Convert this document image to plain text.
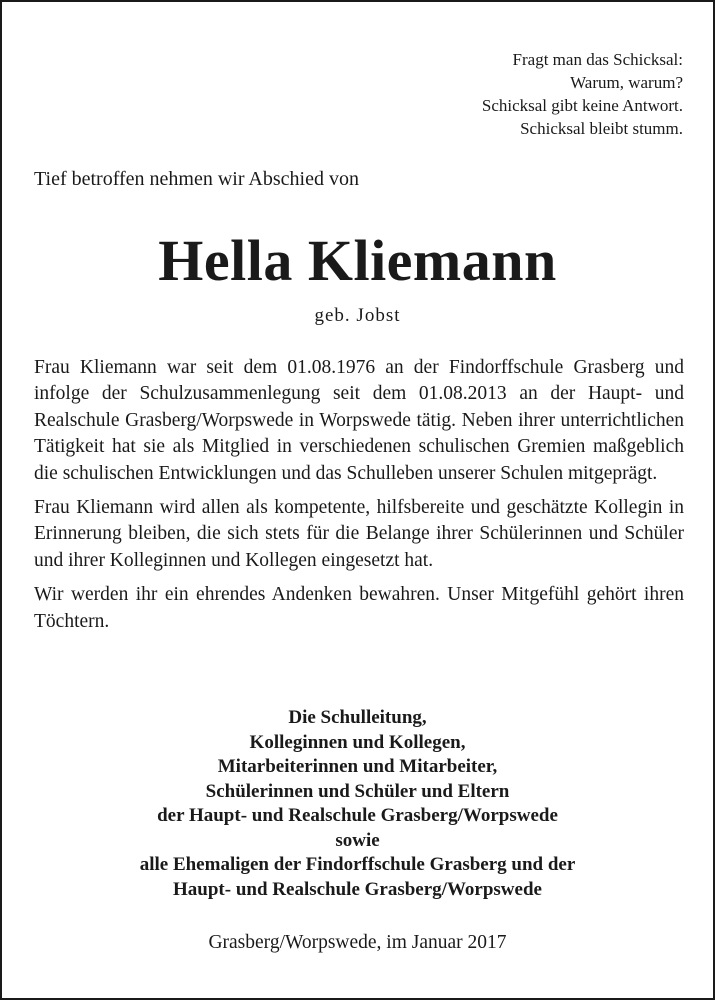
Fragt man das Schicksal:
Warum, warum?
Schicksal gibt keine Antwort.
Schicksal bleibt stumm.
Tief betroffen nehmen wir Abschied von
Hella Kliemann
geb. Jobst

Frau Kliemann war seit dem 01.08.1976 an der Findorffschule Grasberg und infolge der Schulzusammenlegung seit dem 01.08.2013 an der Haupt- und Realschule Grasberg/Worpswede in Worpswede tätig. Neben ihrer unterrichtlichen Tätigkeit hat sie als Mitglied in verschiedenen schulischen Gremien maßgeblich die schulischen Entwicklungen und das Schulleben unserer Schulen mitgeprägt.

Frau Kliemann wird allen als kompetente, hilfsbereite und geschätzte Kollegin in Erinnerung bleiben, die sich stets für die Belange ihrer Schülerinnen und Schüler und ihrer Kolleginnen und Kollegen eingesetzt hat.

Wir werden ihr ein ehrendes Andenken bewahren. Unser Mitgefühl gehört ihren Töchtern.

Die Schulleitung,
Kolleginnen und Kollegen,
Mitarbeiterinnen und Mitarbeiter,
Schülerinnen und Schüler und Eltern
der Haupt- und Realschule Grasberg/Worpswede
sowie
alle Ehemaligen der Findorffschule Grasberg und der
Haupt- und Realschule Grasberg/Worpswede
Grasberg/Worpswede, im Januar 2017
